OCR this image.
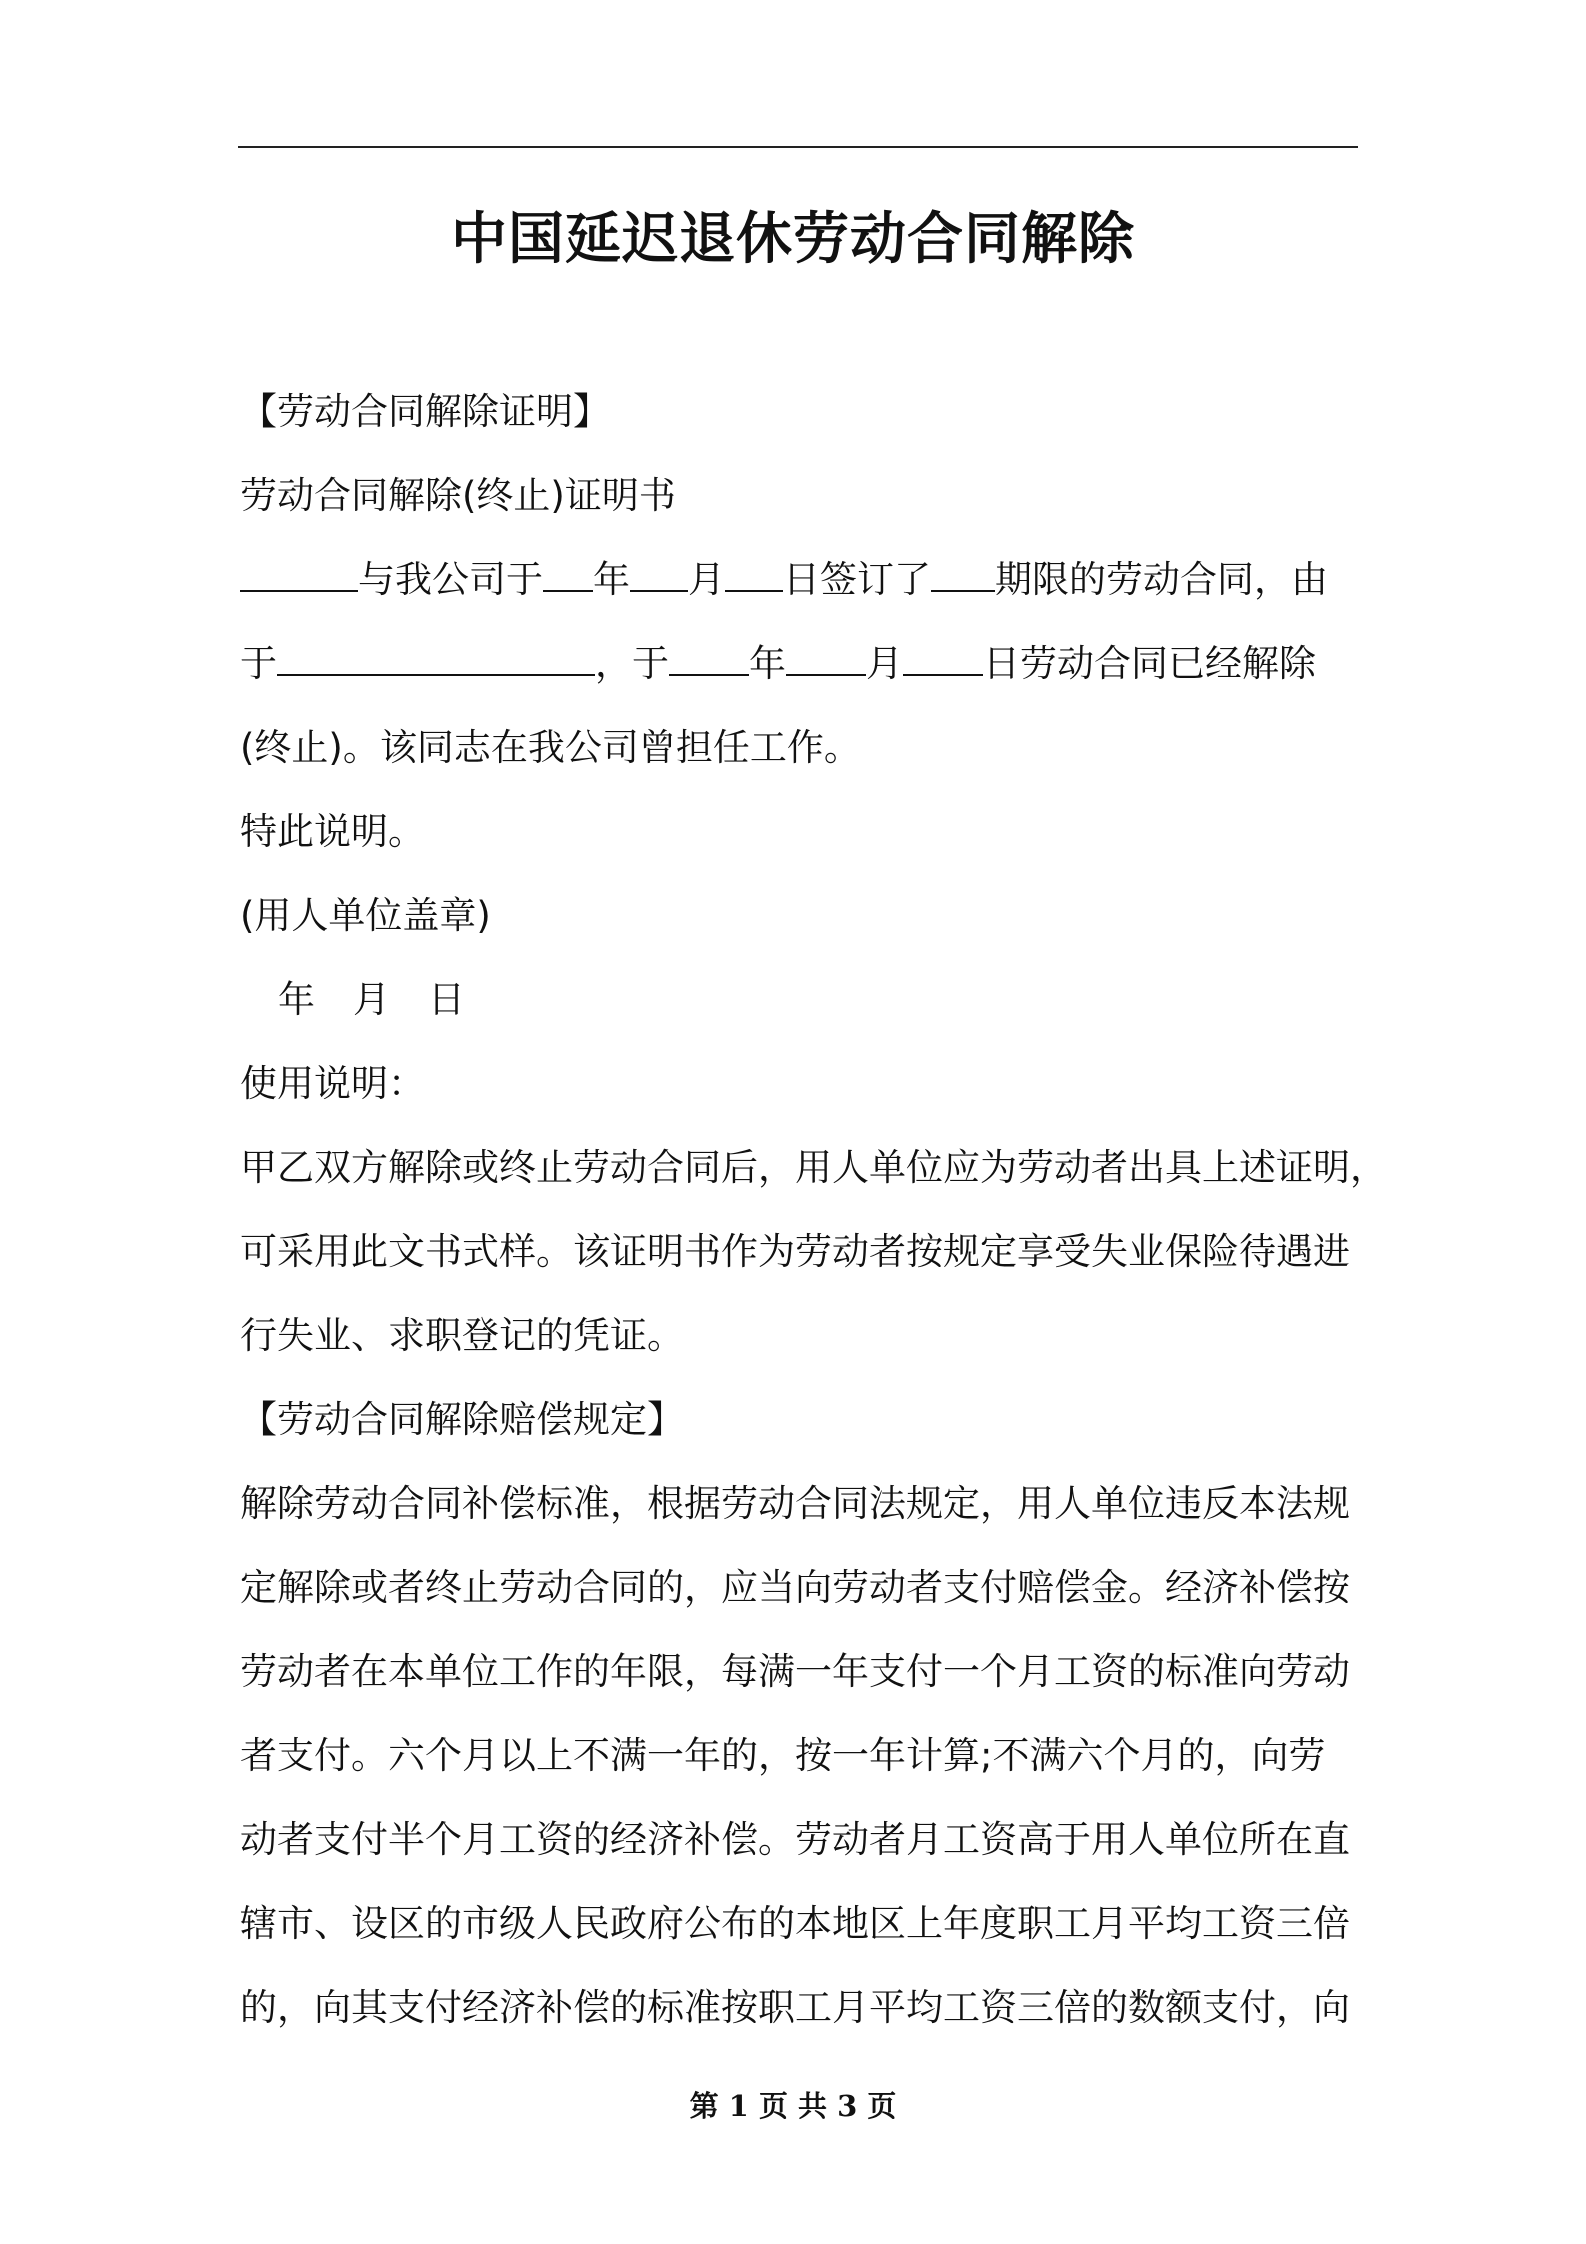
中国延迟退休劳动合同解除
【劳动合同解除证明】
劳动合同解除(终止)证明书
与我公司于 年 月 日签订了 期限的劳动合同，由
于	，于 年 月 日劳动合同已经解除
(终止)。该同志在我公司曾担任工作。
特此说明。
(用人单位盖章)
年 月 日
使用说明：
甲乙双方解除或终止劳动合同后，用人单位应为劳动者出具上述证明，
可采用此文书式样。该证明书作为劳动者按规定享受失业保险待遇进
行失业、求职登记的凭证。
【劳动合同解除赔偿规定】
解除劳动合同补偿标准，根据劳动合同法规定，用人单位违反本法规
定解除或者终止劳动合同的，应当向劳动者支付赔偿金。经济补偿按
劳动者在本单位工作的年限，每满一年支付一个月工资的标准向劳动
者支付。六个月以上不满一年的，按一年计算;不满六个月的，向劳
动者支付半个月工资的经济补偿。劳动者月工资高于用人单位所在直
辖市、设区的市级人民政府公布的本地区上年度职工月平均工资三倍
的，向其支付经济补偿的标准按职工月平均工资三倍的数额支付，向
第 1 页 共 3 页
